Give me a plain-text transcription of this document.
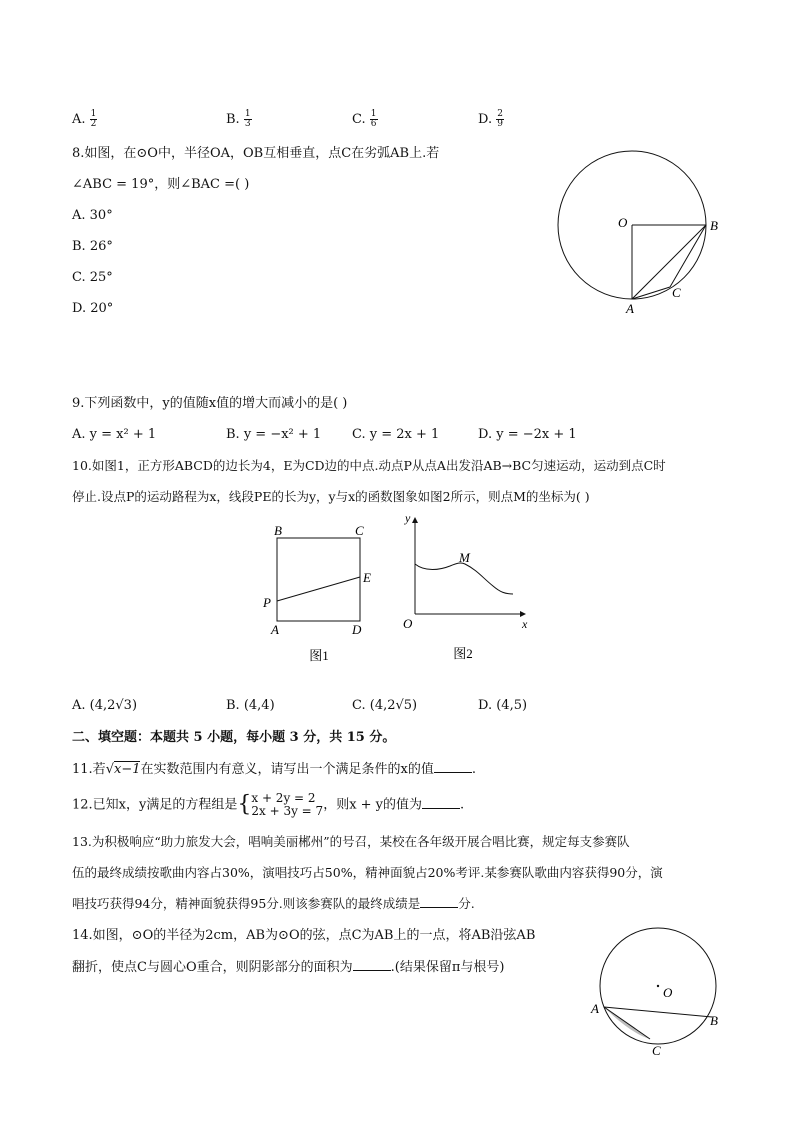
A. $\frac{1}{2}$	B. $\frac{1}{3}$	C. $\frac{1}{6}$	D. $\frac{2}{9}$
8.如图，在⊙O中，半径OA，OB互相垂直，点C在劣弧AB上.若
∠ABC = 19°，则∠BAC =( )
A. 30°
B. 26°
C. 25°
D. 20°
O	B
A
C
9.下列函数中，y的值随x值的增大而减小的是( )
A. y = x² + 1	B. y = −x² + 1 C. y = 2x + 1	D. y = −2x + 1
10.如图1，正方形ABCD的边长为4，E为CD边的中点.动点P从点A出发沿AB→BC匀速运动，运动到点C时
停止.设点P的运动路程为x，线段PE的长为y，y与x的函数图象如图2所示，则点M的坐标为( )
B	C
E
P
A	D
图1
y
M
O	x
图2
A. (4,2√3)	B. (4,4)	C. (4,2√5)	D. (4,5)
二、填空题：本题共 5 小题，每小题 3 分，共 15 分。
11.若√x−1在实数范围内有意义，请写出一个满足条件的x的值	.
12.已知x，y满足的方程组是{ x + 2y = 2
2x + 3y = 7 ，则x + y的值为	.
13.为积极响应“助力旅发大会，唱响美丽郴州”的号召，某校在各年级开展合唱比赛，规定每支参赛队
伍的最终成绩按歌曲内容占30%，演唱技巧占50%，精神面貌占20%考评.某参赛队歌曲内容获得90分，演
唱技巧获得94分，精神面貌获得95分.则该参赛队的最终成绩是	分.
14.如图，⊙O的半径为2cm，AB为⊙O的弦，点C为AB上的一点，将AB沿弦AB
翻折，使点C与圆心O重合，则阴影部分的面积为	.(结果保留π与根号)
O
A
B
C
